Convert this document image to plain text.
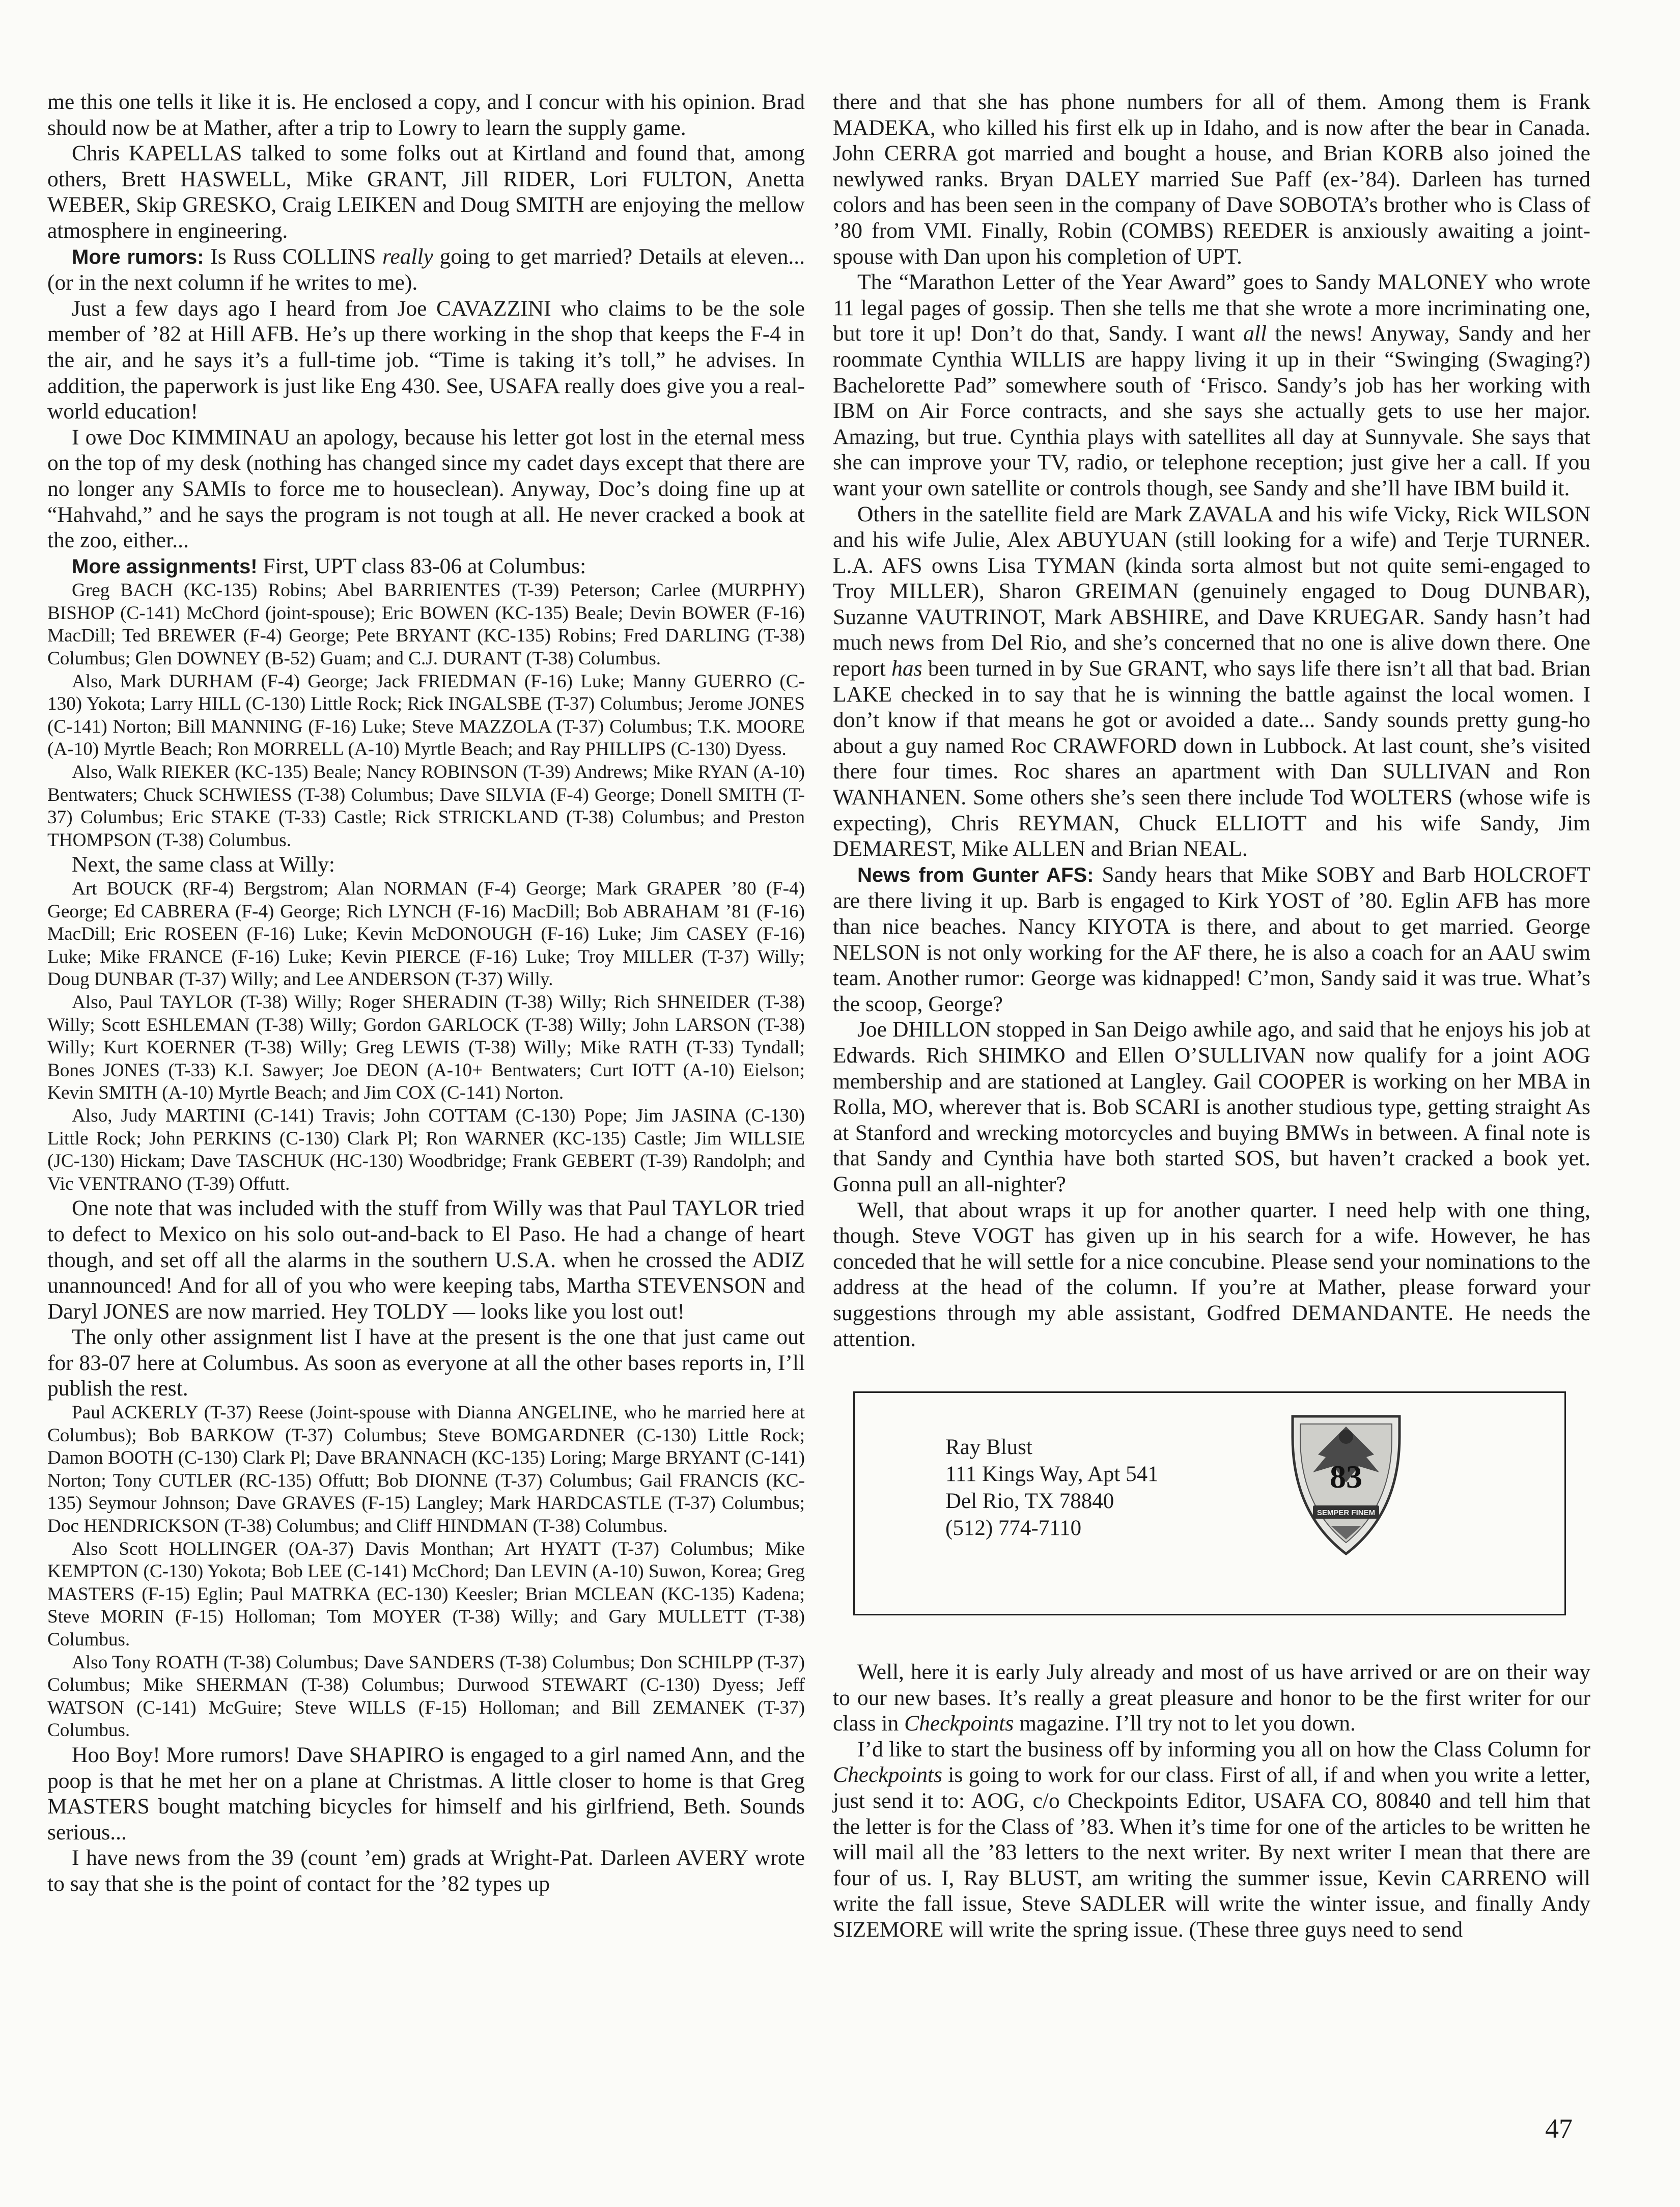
me this one tells it like it is. He enclosed a copy, and I concur with his opinion. Brad should now be at Mather, after a trip to Lowry to learn the supply game.

Chris KAPELLAS talked to some folks out at Kirtland and found that, among others, Brett HASWELL, Mike GRANT, Jill RIDER, Lori FULTON, Anetta WEBER, Skip GRESKO, Craig LEIKEN and Doug SMITH are enjoying the mellow atmosphere in engineering.

More rumors: Is Russ COLLINS really going to get married? Details at eleven... (or in the next column if he writes to me).

Just a few days ago I heard from Joe CAVAZZINI who claims to be the sole member of ’82 at Hill AFB. He’s up there working in the shop that keeps the F-4 in the air, and he says it’s a full-time job. “Time is taking it’s toll,” he advises. In addition, the paperwork is just like Eng 430. See, USAFA really does give you a real-world education!

I owe Doc KIMMINAU an apology, because his letter got lost in the eternal mess on the top of my desk (nothing has changed since my cadet days except that there are no longer any SAMIs to force me to houseclean). Anyway, Doc’s doing fine up at “Hahvahd,” and he says the program is not tough at all. He never cracked a book at the zoo, either...

More assignments! First, UPT class 83-06 at Columbus:

Greg BACH (KC-135) Robins; Abel BARRIENTES (T-39) Peterson; Carlee (MURPHY) BISHOP (C-141) McChord (joint-spouse); Eric BOWEN (KC-135) Beale; Devin BOWER (F-16) MacDill; Ted BREWER (F-4) George; Pete BRYANT (KC-135) Robins; Fred DARLING (T-38) Columbus; Glen DOWNEY (B-52) Guam; and C.J. DURANT (T-38) Columbus.

Also, Mark DURHAM (F-4) George; Jack FRIEDMAN (F-16) Luke; Manny GUERRO (C-130) Yokota; Larry HILL (C-130) Little Rock; Rick INGALSBE (T-37) Columbus; Jerome JONES (C-141) Norton; Bill MANNING (F-16) Luke; Steve MAZZOLA (T-37) Columbus; T.K. MOORE (A-10) Myrtle Beach; Ron MORRELL (A-10) Myrtle Beach; and Ray PHILLIPS (C-130) Dyess.

Also, Walk RIEKER (KC-135) Beale; Nancy ROBINSON (T-39) Andrews; Mike RYAN (A-10) Bentwaters; Chuck SCHWIESS (T-38) Columbus; Dave SILVIA (F-4) George; Donell SMITH (T-37) Columbus; Eric STAKE (T-33) Castle; Rick STRICKLAND (T-38) Columbus; and Preston THOMPSON (T-38) Columbus.

Next, the same class at Willy:

Art BOUCK (RF-4) Bergstrom; Alan NORMAN (F-4) George; Mark GRAPER ’80 (F-4) George; Ed CABRERA (F-4) George; Rich LYNCH (F-16) MacDill; Bob ABRAHAM ’81 (F-16) MacDill; Eric ROSEEN (F-16) Luke; Kevin McDONOUGH (F-16) Luke; Jim CASEY (F-16) Luke; Mike FRANCE (F-16) Luke; Kevin PIERCE (F-16) Luke; Troy MILLER (T-37) Willy; Doug DUNBAR (T-37) Willy; and Lee ANDERSON (T-37) Willy.

Also, Paul TAYLOR (T-38) Willy; Roger SHERADIN (T-38) Willy; Rich SHNEIDER (T-38) Willy; Scott ESHLEMAN (T-38) Willy; Gordon GARLOCK (T-38) Willy; John LARSON (T-38) Willy; Kurt KOERNER (T-38) Willy; Greg LEWIS (T-38) Willy; Mike RATH (T-33) Tyndall; Bones JONES (T-33) K.I. Sawyer; Joe DEON (A-10+ Bentwaters; Curt IOTT (A-10) Eielson; Kevin SMITH (A-10) Myrtle Beach; and Jim COX (C-141) Norton.

Also, Judy MARTINI (C-141) Travis; John COTTAM (C-130) Pope; Jim JASINA (C-130) Little Rock; John PERKINS (C-130) Clark Pl; Ron WARNER (KC-135) Castle; Jim WILLSIE (JC-130) Hickam; Dave TASCHUK (HC-130) Woodbridge; Frank GEBERT (T-39) Randolph; and Vic VENTRANO (T-39) Offutt.

One note that was included with the stuff from Willy was that Paul TAYLOR tried to defect to Mexico on his solo out-and-back to El Paso. He had a change of heart though, and set off all the alarms in the southern U.S.A. when he crossed the ADIZ unannounced! And for all of you who were keeping tabs, Martha STEVENSON and Daryl JONES are now married. Hey TOLDY — looks like you lost out!

The only other assignment list I have at the present is the one that just came out for 83-07 here at Columbus. As soon as everyone at all the other bases reports in, I’ll publish the rest.

Paul ACKERLY (T-37) Reese (Joint-spouse with Dianna ANGELINE, who he married here at Columbus); Bob BARKOW (T-37) Columbus; Steve BOMGARDNER (C-130) Little Rock; Damon BOOTH (C-130) Clark Pl; Dave BRANNACH (KC-135) Loring; Marge BRYANT (C-141) Norton; Tony CUTLER (RC-135) Offutt; Bob DIONNE (T-37) Columbus; Gail FRANCIS (KC-135) Seymour Johnson; Dave GRAVES (F-15) Langley; Mark HARDCASTLE (T-37) Columbus; Doc HENDRICKSON (T-38) Columbus; and Cliff HINDMAN (T-38) Columbus.

Also Scott HOLLINGER (OA-37) Davis Monthan; Art HYATT (T-37) Columbus; Mike KEMPTON (C-130) Yokota; Bob LEE (C-141) McChord; Dan LEVIN (A-10) Suwon, Korea; Greg MASTERS (F-15) Eglin; Paul MATRKA (EC-130) Keesler; Brian MCLEAN (KC-135) Kadena; Steve MORIN (F-15) Holloman; Tom MOYER (T-38) Willy; and Gary MULLETT (T-38) Columbus.

Also Tony ROATH (T-38) Columbus; Dave SANDERS (T-38) Columbus; Don SCHILPP (T-37) Columbus; Mike SHERMAN (T-38) Columbus; Durwood STEWART (C-130) Dyess; Jeff WATSON (C-141) McGuire; Steve WILLS (F-15) Holloman; and Bill ZEMANEK (T-37) Columbus.

Hoo Boy! More rumors! Dave SHAPIRO is engaged to a girl named Ann, and the poop is that he met her on a plane at Christmas. A little closer to home is that Greg MASTERS bought matching bicycles for himself and his girlfriend, Beth. Sounds serious...

I have news from the 39 (count ’em) grads at Wright-Pat. Darleen AVERY wrote to say that she is the point of contact for the ’82 types up

there and that she has phone numbers for all of them. Among them is Frank MADEKA, who killed his first elk up in Idaho, and is now after the bear in Canada. John CERRA got married and bought a house, and Brian KORB also joined the newlywed ranks. Bryan DALEY married Sue Paff (ex-’84). Darleen has turned colors and has been seen in the company of Dave SOBOTA’s brother who is Class of ’80 from VMI. Finally, Robin (COMBS) REEDER is anxiously awaiting a joint-spouse with Dan upon his completion of UPT.

The “Marathon Letter of the Year Award” goes to Sandy MALONEY who wrote 11 legal pages of gossip. Then she tells me that she wrote a more incriminating one, but tore it up! Don’t do that, Sandy. I want all the news! Anyway, Sandy and her roommate Cynthia WILLIS are happy living it up in their “Swinging (Swaging?) Bachelorette Pad” somewhere south of ‘Frisco. Sandy’s job has her working with IBM on Air Force contracts, and she says she actually gets to use her major. Amazing, but true. Cynthia plays with satellites all day at Sunnyvale. She says that she can improve your TV, radio, or telephone reception; just give her a call. If you want your own satellite or controls though, see Sandy and she’ll have IBM build it.

Others in the satellite field are Mark ZAVALA and his wife Vicky, Rick WILSON and his wife Julie, Alex ABUYUAN (still looking for a wife) and Terje TURNER. L.A. AFS owns Lisa TYMAN (kinda sorta almost but not quite semi-engaged to Troy MILLER), Sharon GREIMAN (genuinely engaged to Doug DUNBAR), Suzanne VAUTRINOT, Mark ABSHIRE, and Dave KRUEGAR. Sandy hasn’t had much news from Del Rio, and she’s concerned that no one is alive down there. One report has been turned in by Sue GRANT, who says life there isn’t all that bad. Brian LAKE checked in to say that he is winning the battle against the local women. I don’t know if that means he got or avoided a date... Sandy sounds pretty gung-ho about a guy named Roc CRAWFORD down in Lubbock. At last count, she’s visited there four times. Roc shares an apartment with Dan SULLIVAN and Ron WANHANEN. Some others she’s seen there include Tod WOLTERS (whose wife is expecting), Chris REYMAN, Chuck ELLIOTT and his wife Sandy, Jim DEMAREST, Mike ALLEN and Brian NEAL.

News from Gunter AFS: Sandy hears that Mike SOBY and Barb HOLCROFT are there living it up. Barb is engaged to Kirk YOST of ’80. Eglin AFB has more than nice beaches. Nancy KIYOTA is there, and about to get married. George NELSON is not only working for the AF there, he is also a coach for an AAU swim team. Another rumor: George was kidnapped! C’mon, Sandy said it was true. What’s the scoop, George?

Joe DHILLON stopped in San Deigo awhile ago, and said that he enjoys his job at Edwards. Rich SHIMKO and Ellen O’SULLIVAN now qualify for a joint AOG membership and are stationed at Langley. Gail COOPER is working on her MBA in Rolla, MO, wherever that is. Bob SCARI is another studious type, getting straight As at Stanford and wrecking motorcycles and buying BMWs in between. A final note is that Sandy and Cynthia have both started SOS, but haven’t cracked a book yet. Gonna pull an all-nighter?

Well, that about wraps it up for another quarter. I need help with one thing, though. Steve VOGT has given up in his search for a wife. However, he has conceded that he will settle for a nice concubine. Please send your nominations to the address at the head of the column. If you’re at Mather, please forward your suggestions through my able assistant, Godfred DEMANDANTE. He needs the attention.

Ray Blust
111 Kings Way, Apt 541
Del Rio, TX 78840
(512) 774-7110
83
SEMPER FINEM

Well, here it is early July already and most of us have arrived or are on their way to our new bases. It’s really a great pleasure and honor to be the first writer for our class in Checkpoints magazine. I’ll try not to let you down.

I’d like to start the business off by informing you all on how the Class Column for Checkpoints is going to work for our class. First of all, if and when you write a letter, just send it to: AOG, c/o Checkpoints Editor, USAFA CO, 80840 and tell him that the letter is for the Class of ’83. When it’s time for one of the articles to be written he will mail all the ’83 letters to the next writer. By next writer I mean that there are four of us. I, Ray BLUST, am writing the summer issue, Kevin CARRENO will write the fall issue, Steve SADLER will write the winter issue, and finally Andy SIZEMORE will write the spring issue. (These three guys need to send

47
